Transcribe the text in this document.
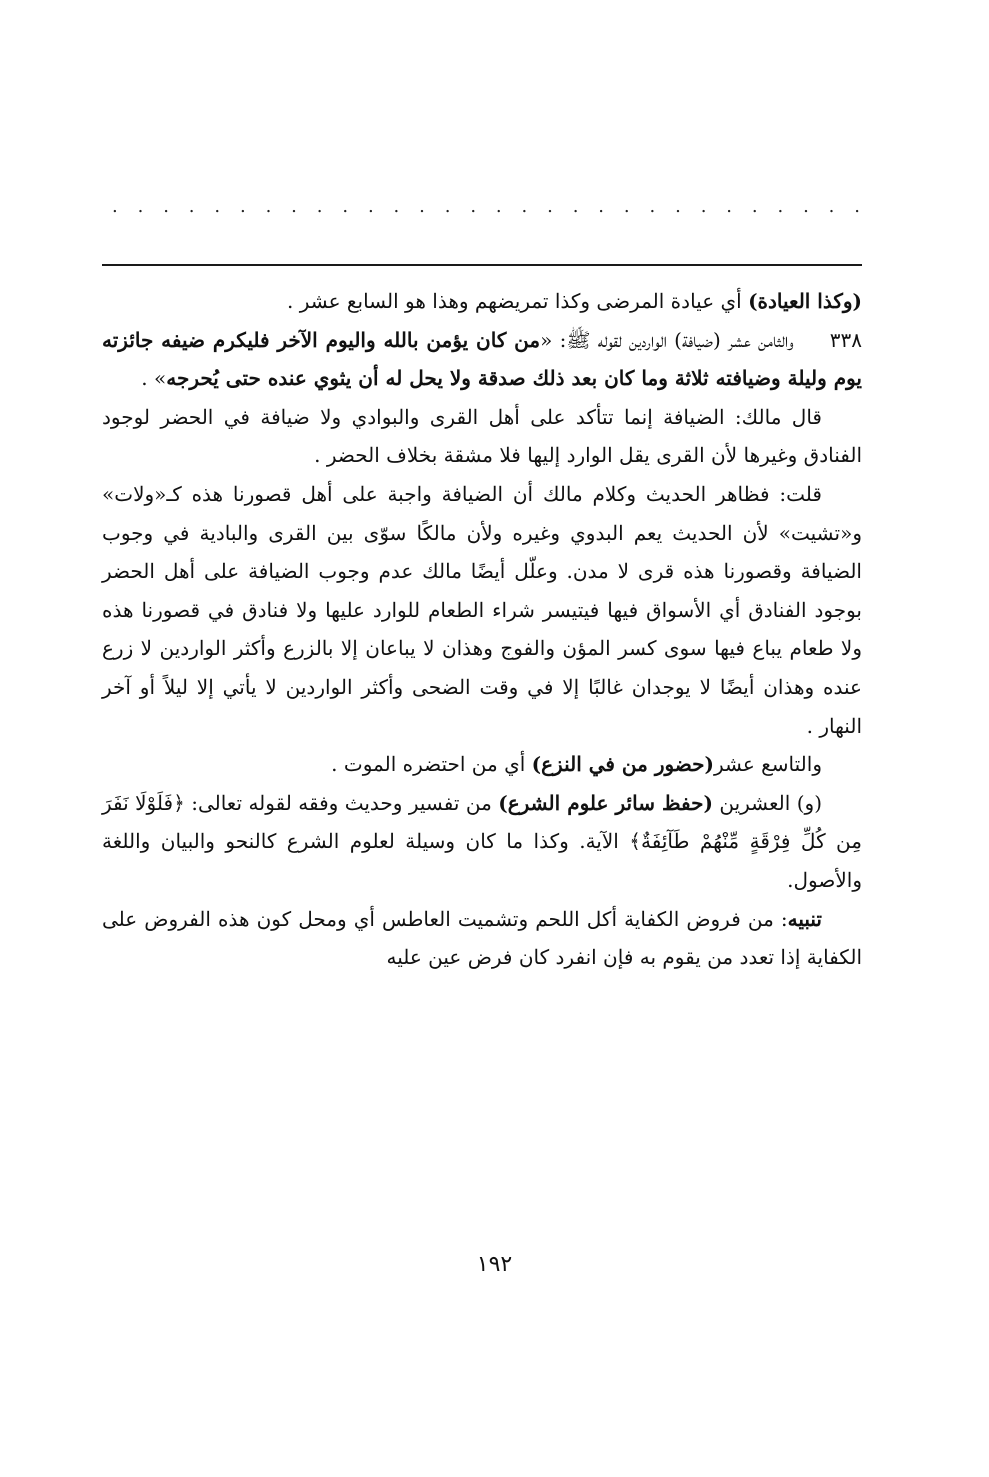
. . . . . . . . . . . . . . . . . . . . . . . . . . . . . .

(وكذا العيادة) أي عيادة المرضى وكذا تمريضهم وهذا هو السابع عشر .

٣٣٨     والثامن عشر (ضيافة) الواردين لقوله ﷺ: «من كان يؤمن بالله واليوم الآخر فليكرم ضيفه جائزته يوم وليلة وضيافته ثلاثة وما كان بعد ذلك صدقة ولا يحل له أن يثوي عنده حتى يُحرجه» .

قال مالك: الضيافة إنما تتأكد على أهل القرى والبوادي ولا ضيافة في الحضر لوجود الفنادق وغيرها لأن القرى يقل الوارد إليها فلا مشقة بخلاف الحضر .

قلت: فظاهر الحديث وكلام مالك أن الضيافة واجبة على أهل قصورنا هذه كـ«ولات» و«تشيت» لأن الحديث يعم البدوي وغيره ولأن مالكًا سوّى بين القرى والبادية في وجوب الضيافة وقصورنا هذه قرى لا مدن. وعلّل أيضًا مالك عدم وجوب الضيافة على أهل الحضر بوجود الفنادق أي الأسواق فيها فيتيسر شراء الطعام للوارد عليها ولا فنادق في قصورنا هذه ولا طعام يباع فيها سوى كسر المؤن والفوج وهذان لا يباعان إلا بالزرع وأكثر الواردين لا زرع عنده وهذان أيضًا لا يوجدان غالبًا إلا في وقت الضحى وأكثر الواردين لا يأتي إلا ليلاً أو آخر النهار .

والتاسع عشر(حضور من في النزع) أي من احتضره الموت .

(و) العشرين (حفظ سائر علوم الشرع) من تفسير وحديث وفقه لقوله تعالى: ﴿فَلَوْلَا نَفَرَ مِن كُلِّ فِرْقَةٍ مِّنْهُمْ طَآئِفَةٌ﴾ الآية. وكذا ما كان وسيلة لعلوم الشرع كالنحو والبيان واللغة والأصول.

تنبيه: من فروض الكفاية أكل اللحم وتشميت العاطس أي ومحل كون هذه الفروض على الكفاية إذا تعدد من يقوم به فإن انفرد كان فرض عين عليه

١٩٢
